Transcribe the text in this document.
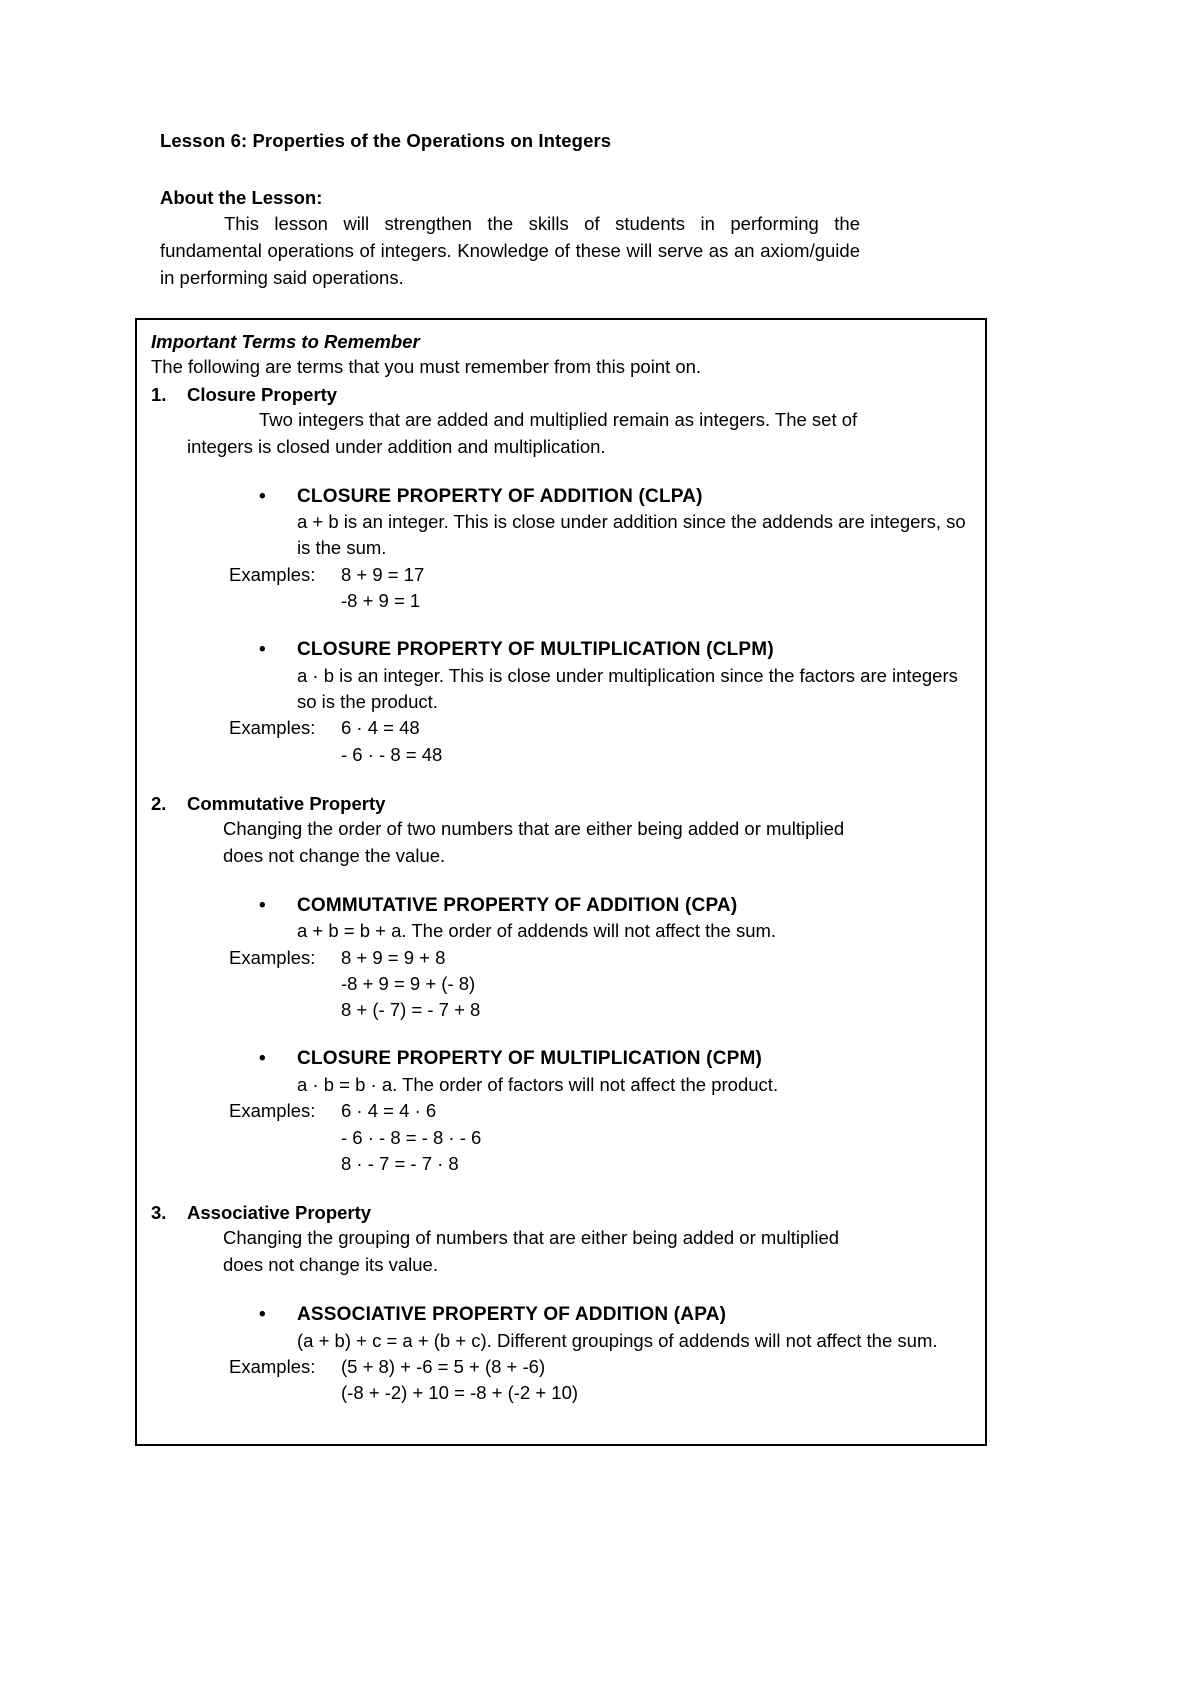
Lesson 6: Properties of the Operations on Integers
About the Lesson:

This lesson will strengthen the skills of students in performing the fundamental operations of integers. Knowledge of these will serve as an axiom/guide in performing said operations.

Important Terms to Remember
The following are terms that you must remember from this point on.
1.	Closure Property

Two integers that are added and multiplied remain as integers. The set of integers is closed under addition and multiplication.

•	CLOSURE PROPERTY OF ADDITION (CLPA)
a + b is an integer. This is close under addition since the addends are integers, so is the sum.
Examples: 8 + 9 = 17
-8 + 9 = 1
•	CLOSURE PROPERTY OF MULTIPLICATION (CLPM)
a · b is an integer. This is close under multiplication since the factors are integers so is the product.
Examples: 6 · 4 = 48
- 6 · - 8 = 48
2.	Commutative Property

Changing the order of two numbers that are either being added or multiplied does not change the value.

•	COMMUTATIVE PROPERTY OF ADDITION (CPA)
a + b = b + a. The order of addends will not affect the sum.
Examples: 8 + 9 = 9 + 8
-8 + 9 = 9 + (- 8)
8 + (- 7) = - 7 + 8
•	CLOSURE PROPERTY OF MULTIPLICATION (CPM)
a · b = b · a. The order of factors will not affect the product.
Examples: 6 · 4 = 4 · 6
- 6 · - 8 = - 8 · - 6
8 · - 7 = - 7 · 8
3.	Associative Property

Changing the grouping of numbers that are either being added or multiplied does not change its value.

•	ASSOCIATIVE PROPERTY OF ADDITION (APA)
(a + b) + c = a + (b + c). Different groupings of addends will not affect the sum.
Examples: (5 + 8) + -6 = 5 + (8 + -6)
(-8 + -2) + 10 = -8 + (-2 + 10)
